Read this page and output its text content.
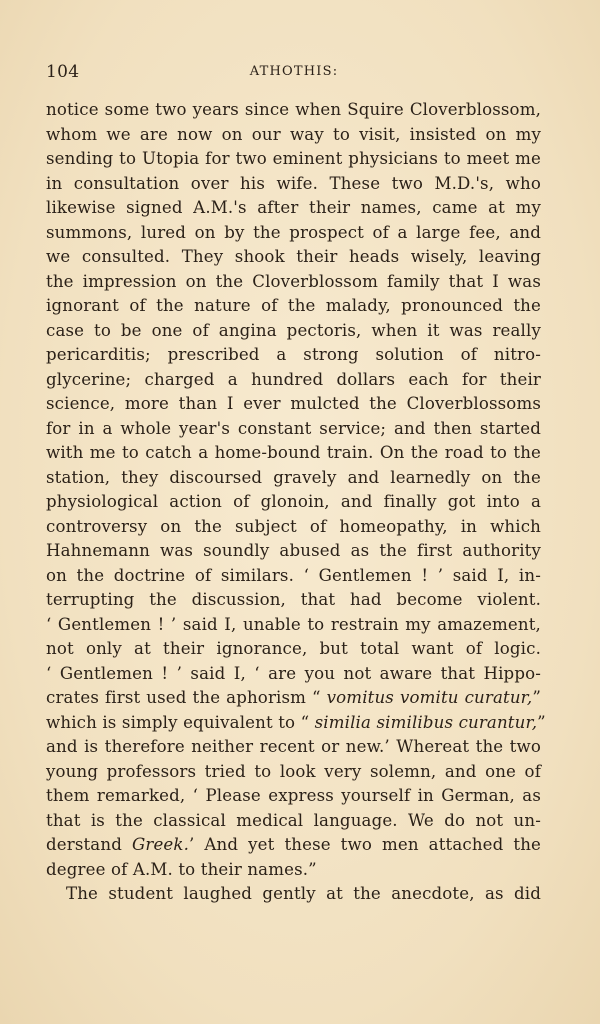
104	ATHOTHIS:
notice some two years since when Squire Cloverblossom,
whom we are now on our way to visit, insisted on my
sending to Utopia for two eminent physicians to meet me
in consultation over his wife. These two M.D.'s, who
likewise signed A.M.'s after their names, came at my
summons, lured on by the prospect of a large fee, and
we consulted. They shook their heads wisely, leaving
the impression on the Cloverblossom family that I was
ignorant of the nature of the malady, pronounced the
case to be one of angina pectoris, when it was really
pericarditis; prescribed a strong solution of nitro-
glycerine; charged a hundred dollars each for their
science, more than I ever mulcted the Cloverblossoms
for in a whole year's constant service; and then started
with me to catch a home-bound train. On the road to the
station, they discoursed gravely and learnedly on the
physiological action of glonoin, and finally got into a
controversy on the subject of homeopathy, in which
Hahnemann was soundly abused as the first authority
on the doctrine of similars. ‘ Gentlemen ! ’ said I, in-
terrupting the discussion, that had become violent.
‘ Gentlemen ! ’ said I, unable to restrain my amazement,
not only at their ignorance, but total want of logic.
‘ Gentlemen ! ’ said I, ‘ are you not aware that Hippo-
crates first used the aphorism “ vomitus vomitu curatur,”
which is simply equivalent to “ similia similibus curantur,”
and is therefore neither recent or new.’ Whereat the two
young professors tried to look very solemn, and one of
them remarked, ‘ Please express yourself in German, as
that is the classical medical language. We do not un-
derstand Greek.’ And yet these two men attached the
degree of A.M. to their names.”
The student laughed gently at the anecdote, as did
